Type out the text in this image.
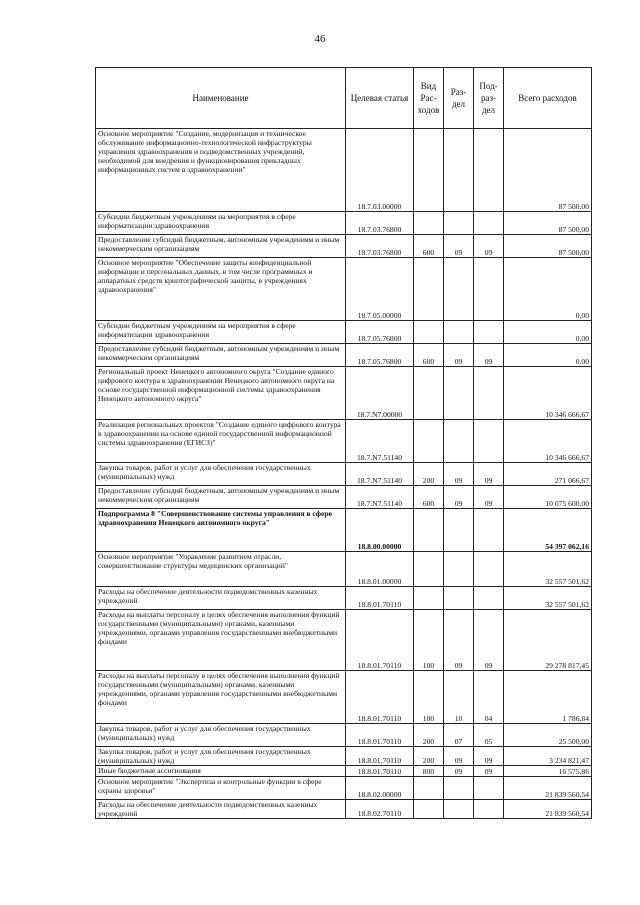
46
Наименование	Целевая статья	Вид Рас- ходов	Раз- дел	Под- раз- дел	Всего расходов
Основное мероприятие "Создание, модернизация и техническое обслуживание информационно-технологической инфраструктуры управления здравоохранения и подведомственных учреждений, необходимой для внедрения и функционирования прикладных информационных систем в здравоохранении"	18.7.03.00000				87 500,00
Субсидии бюджетным учреждениям на мероприятия в сфере информатизации здравоохранения	18.7.03.76800				87 500,00
Предоставление субсидий бюджетным, автономным учреждениям и иным некоммерческим организациям	18.7.03.76800	600	09	09	87 500,00
Основное мероприятие "Обеспечение защиты конфиденциальной информации и персональных данных, в том числе программных и аппаратных средств криптографической защиты, в учреждениях здравоохранения"	18.7.05.00000				0,00
Субсидии бюджетным учреждениям на мероприятия в сфере информатизации здравоохранения	18.7.05.76800				0,00
Предоставление субсидий бюджетным, автономным учреждениям и иным некоммерческим организациям	18.7.05.76800	600	09	09	0,00
Региональный проект Ненецкого автономного округа "Создание единого цифрового контура в здравоохранении Ненецкого автономного округа на основе государственной информационной системы здравоохранения Ненецкого автономного округа"	18.7.N7.00000				10 346 666,67
Реализация региональных проектов "Создание единого цифрового контура в здравоохранении на основе единой государственной информационной системы здравоохранения (ЕГИСЗ)"	18.7.N7.51140				10 346 666,67
Закупка товаров, работ и услуг для обеспечения государственных (муниципальных) нужд	18.7.N7.51140	200	09	09	271 066,67
Предоставление субсидий бюджетным, автономным учреждениям и иным некоммерческим организациям	18.7.N7.51140	600	09	09	10 075 600,00
Подпрограмма 8 "Совершенствование системы управления в сфере здравоохранения Ненецкого автономного округа"	18.8.00.00000				54 397 062,16
Основное мероприятие "Управление развитием отрасли, совершенствование структуры медицинских организаций"	18.8.01.00000				32 557 501,62
Расходы на обеспечение деятельности подведомственных казенных учреждений	18.8.01.70110				32 557 501,62
Расходы на выплаты персоналу в целях обеспечения выполнения функций государственными (муниципальными) органами, казенными учреждениями, органами управления государственными внебюджетными фондами	18.8.01.70110	100	09	09	29 278 817,45
Расходы на выплаты персоналу в целях обеспечения выполнения функций государственными (муниципальными) органами, казенными учреждениями, органами управления государственными внебюджетными фондами	18.8.01.70110	100	10	04	1 786,84
Закупка товаров, работ и услуг для обеспечения государственных (муниципальных) нужд	18.8.01.70110	200	07	05	25 500,00
Закупка товаров, работ и услуг для обеспечения государственных (муниципальных) нужд	18.8.01.70110	200	09	09	3 234 821,47
Иные бюджетные ассигнования	18.8.01.70110	800	09	09	16 575,86
Основное мероприятие "Экспертиза и контрольные функции в сфере охраны здоровья"	18.8.02.00000				21 839 560,54
Расходы на обеспечение деятельности подведомственных казенных учреждений	18.8.02.70110				21 839 560,54
